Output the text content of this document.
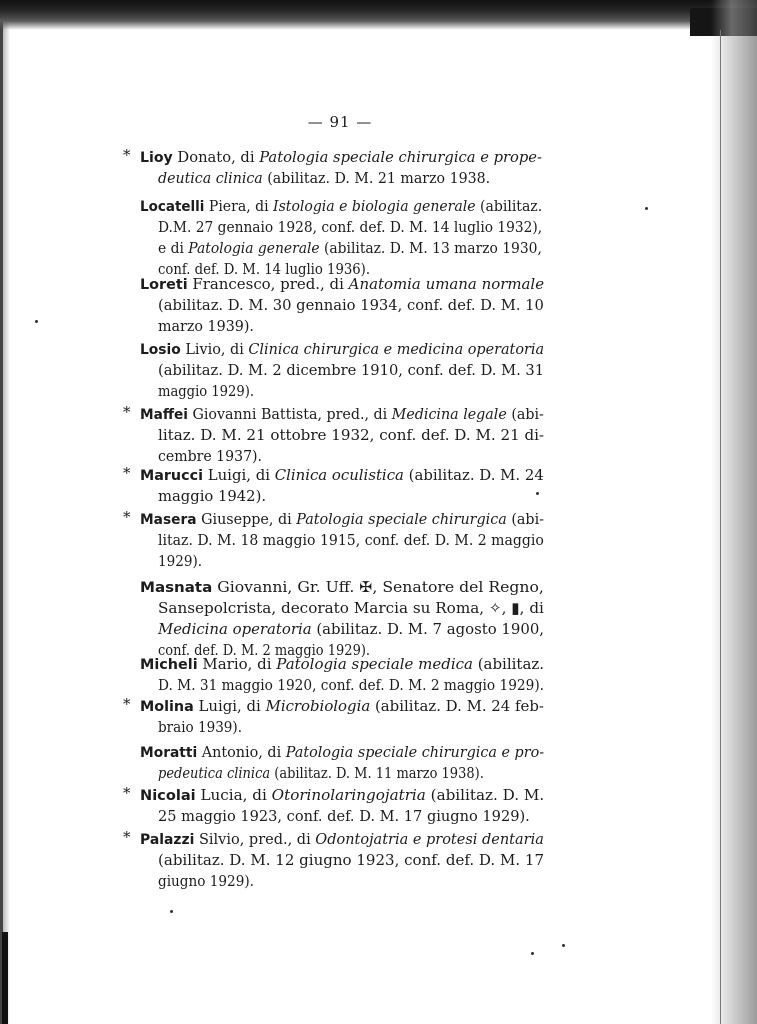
— 91 —
* Lioy Donato, di Patologia speciale chirurgica e prope-
deutica clinica (abilitaz. D. M. 21 marzo 1938.
Locatelli Piera, di Istologia e biologia generale (abilitaz.
D.M. 27 gennaio 1928, conf. def. D. M. 14 luglio 1932),
e di Patologia generale (abilitaz. D. M. 13 marzo 1930,
conf. def. D. M. 14 luglio 1936).
Loreti Francesco, pred., di Anatomia umana normale
(abilitaz. D. M. 30 gennaio 1934, conf. def. D. M. 10
marzo 1939).
Losio Livio, di Clinica chirurgica e medicina operatoria
(abilitaz. D. M. 2 dicembre 1910, conf. def. D. M. 31
maggio 1929).
* Maffei Giovanni Battista, pred., di Medicina legale (abi-
litaz. D. M. 21 ottobre 1932, conf. def. D. M. 21 di-
cembre 1937).
* Marucci Luigi, di Clinica oculistica (abilitaz. D. M. 24
maggio 1942).
* Masera Giuseppe, di Patologia speciale chirurgica (abi-
litaz. D. M. 18 maggio 1915, conf. def. D. M. 2 maggio
1929).
Masnata Giovanni, Gr. Uff. ✠, Senatore del Regno,
Sansepolcrista, decorato Marcia su Roma, ✧, ▮, di
Medicina operatoria (abilitaz. D. M. 7 agosto 1900,
conf. def. D. M. 2 maggio 1929).
Micheli Mario, di Patologia speciale medica (abilitaz.
D. M. 31 maggio 1920, conf. def. D. M. 2 maggio 1929).
* Molina Luigi, di Microbiologia (abilitaz. D. M. 24 feb-
braio 1939).
Moratti Antonio, di Patologia speciale chirurgica e pro-
pedeutica clinica (abilitaz. D. M. 11 marzo 1938).
* Nicolai Lucia, di Otorinolaringojatria (abilitaz. D. M.
25 maggio 1923, conf. def. D. M. 17 giugno 1929).
* Palazzi Silvio, pred., di Odontojatria e protesi dentaria
(abilitaz. D. M. 12 giugno 1923, conf. def. D. M. 17
giugno 1929).
